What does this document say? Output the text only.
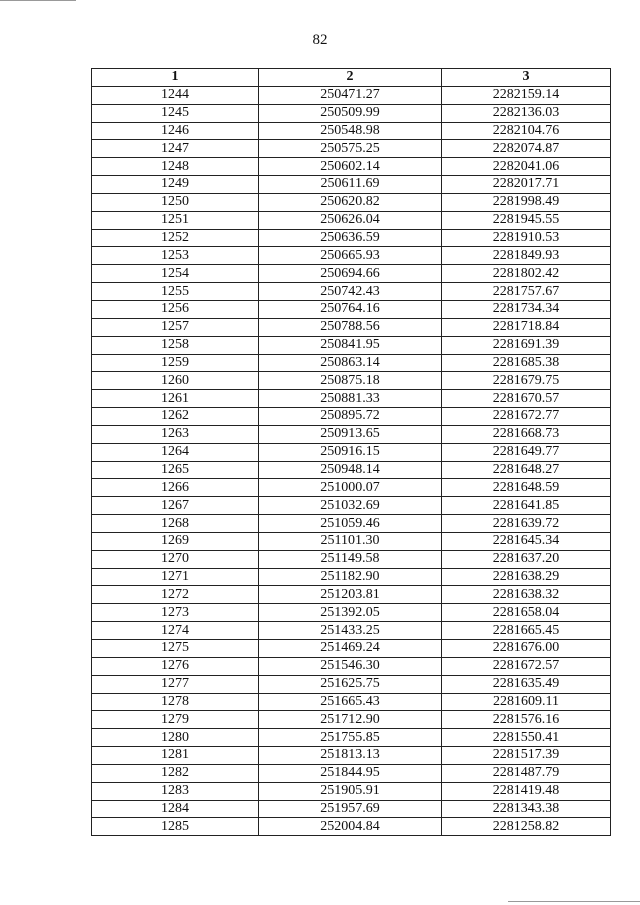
82
1	2	3
1244	250471.27	2282159.14
1245	250509.99	2282136.03
1246	250548.98	2282104.76
1247	250575.25	2282074.87
1248	250602.14	2282041.06
1249	250611.69	2282017.71
1250	250620.82	2281998.49
1251	250626.04	2281945.55
1252	250636.59	2281910.53
1253	250665.93	2281849.93
1254	250694.66	2281802.42
1255	250742.43	2281757.67
1256	250764.16	2281734.34
1257	250788.56	2281718.84
1258	250841.95	2281691.39
1259	250863.14	2281685.38
1260	250875.18	2281679.75
1261	250881.33	2281670.57
1262	250895.72	2281672.77
1263	250913.65	2281668.73
1264	250916.15	2281649.77
1265	250948.14	2281648.27
1266	251000.07	2281648.59
1267	251032.69	2281641.85
1268	251059.46	2281639.72
1269	251101.30	2281645.34
1270	251149.58	2281637.20
1271	251182.90	2281638.29
1272	251203.81	2281638.32
1273	251392.05	2281658.04
1274	251433.25	2281665.45
1275	251469.24	2281676.00
1276	251546.30	2281672.57
1277	251625.75	2281635.49
1278	251665.43	2281609.11
1279	251712.90	2281576.16
1280	251755.85	2281550.41
1281	251813.13	2281517.39
1282	251844.95	2281487.79
1283	251905.91	2281419.48
1284	251957.69	2281343.38
1285	252004.84	2281258.82
